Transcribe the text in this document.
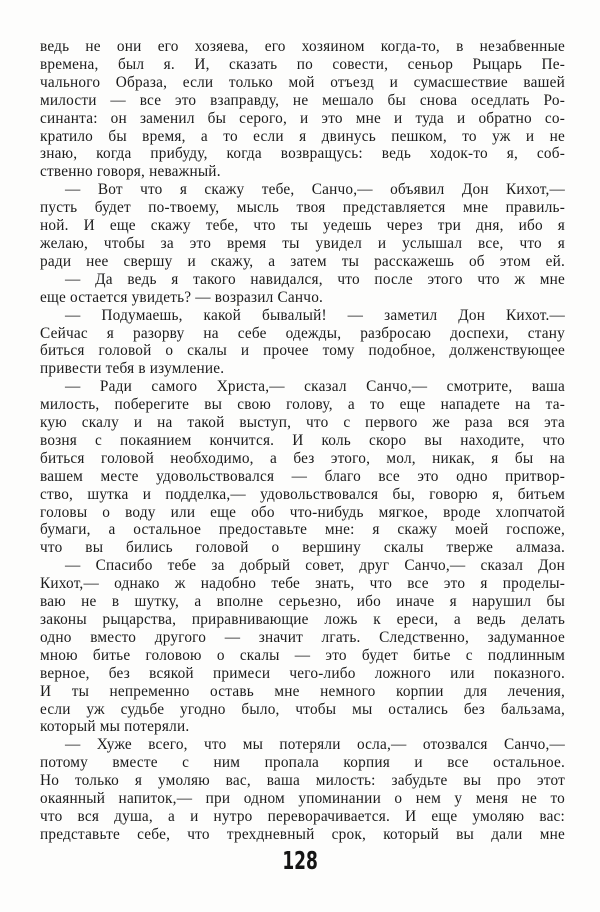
ведь не они его хозяева, его хозяином когда-то, в незабвенные
времена, был я. И, сказать по совести, сеньор Рыцарь Пе-
чального Образа, если только мой отъезд и сумасшествие вашей
милости — все это взаправду, не мешало бы снова оседлать Ро-
синанта: он заменил бы серого, и это мне и туда и обратно со-
кратило бы время, а то если я двинусь пешком, то уж и не
знаю, когда прибуду, когда возвращусь: ведь ходок-то я, соб-
ственно говоря, неважный.
— Вот что я скажу тебе, Санчо,— объявил Дон Кихот,—
пусть будет по-твоему, мысль твоя представляется мне правиль-
ной. И еще скажу тебе, что ты уедешь через три дня, ибо я
желаю, чтобы за это время ты увидел и услышал все, что я
ради нее свершу и скажу, а затем ты расскажешь об этом ей.
— Да ведь я такого навидался, что после этого что ж мне
еще остается увидеть? — возразил Санчо.
— Подумаешь, какой бывалый! — заметил Дон Кихот.—
Сейчас я разорву на себе одежды, разбросаю доспехи, стану
биться головой о скалы и прочее тому подобное, долженствующее
привести тебя в изумление.
— Ради самого Христа,— сказал Санчо,— смотрите, ваша
милость, поберегите вы свою голову, а то еще нападете на та-
кую скалу и на такой выступ, что с первого же раза вся эта
возня с покаянием кончится. И коль скоро вы находите, что
биться головой необходимо, а без этого, мол, никак, я бы на
вашем месте удовольствовался — благо все это одно притвор-
ство, шутка и подделка,— удовольствовался бы, говорю я, битьем
головы о воду или еще обо что-нибудь мягкое, вроде хлопчатой
бумаги, а остальное предоставьте мне: я скажу моей госпоже,
что вы бились головой о вершину скалы тверже алмаза.
— Спасибо тебе за добрый совет, друг Санчо,— сказал Дон
Кихот,— однако ж надобно тебе знать, что все это я проделы-
ваю не в шутку, а вполне серьезно, ибо иначе я нарушил бы
законы рыцарства, приравнивающие ложь к ереси, а ведь делать
одно вместо другого — значит лгать. Следственно, задуманное
мною битье головою о скалы — это будет битье с подлинным
верное, без всякой примеси чего-либо ложного или показного.
И ты непременно оставь мне немного корпии для лечения,
если уж судьбе угодно было, чтобы мы остались без бальзама,
который мы потеряли.
— Хуже всего, что мы потеряли осла,— отозвался Санчо,—
потому вместе с ним пропала корпия и все остальное.
Но только я умоляю вас, ваша милость: забудьте вы про этот
окаянный напиток,— при одном упоминании о нем у меня не то
что вся душа, а и нутро переворачивается. И еще умоляю вас:
представьте себе, что трехдневный срок, который вы дали мне
128
